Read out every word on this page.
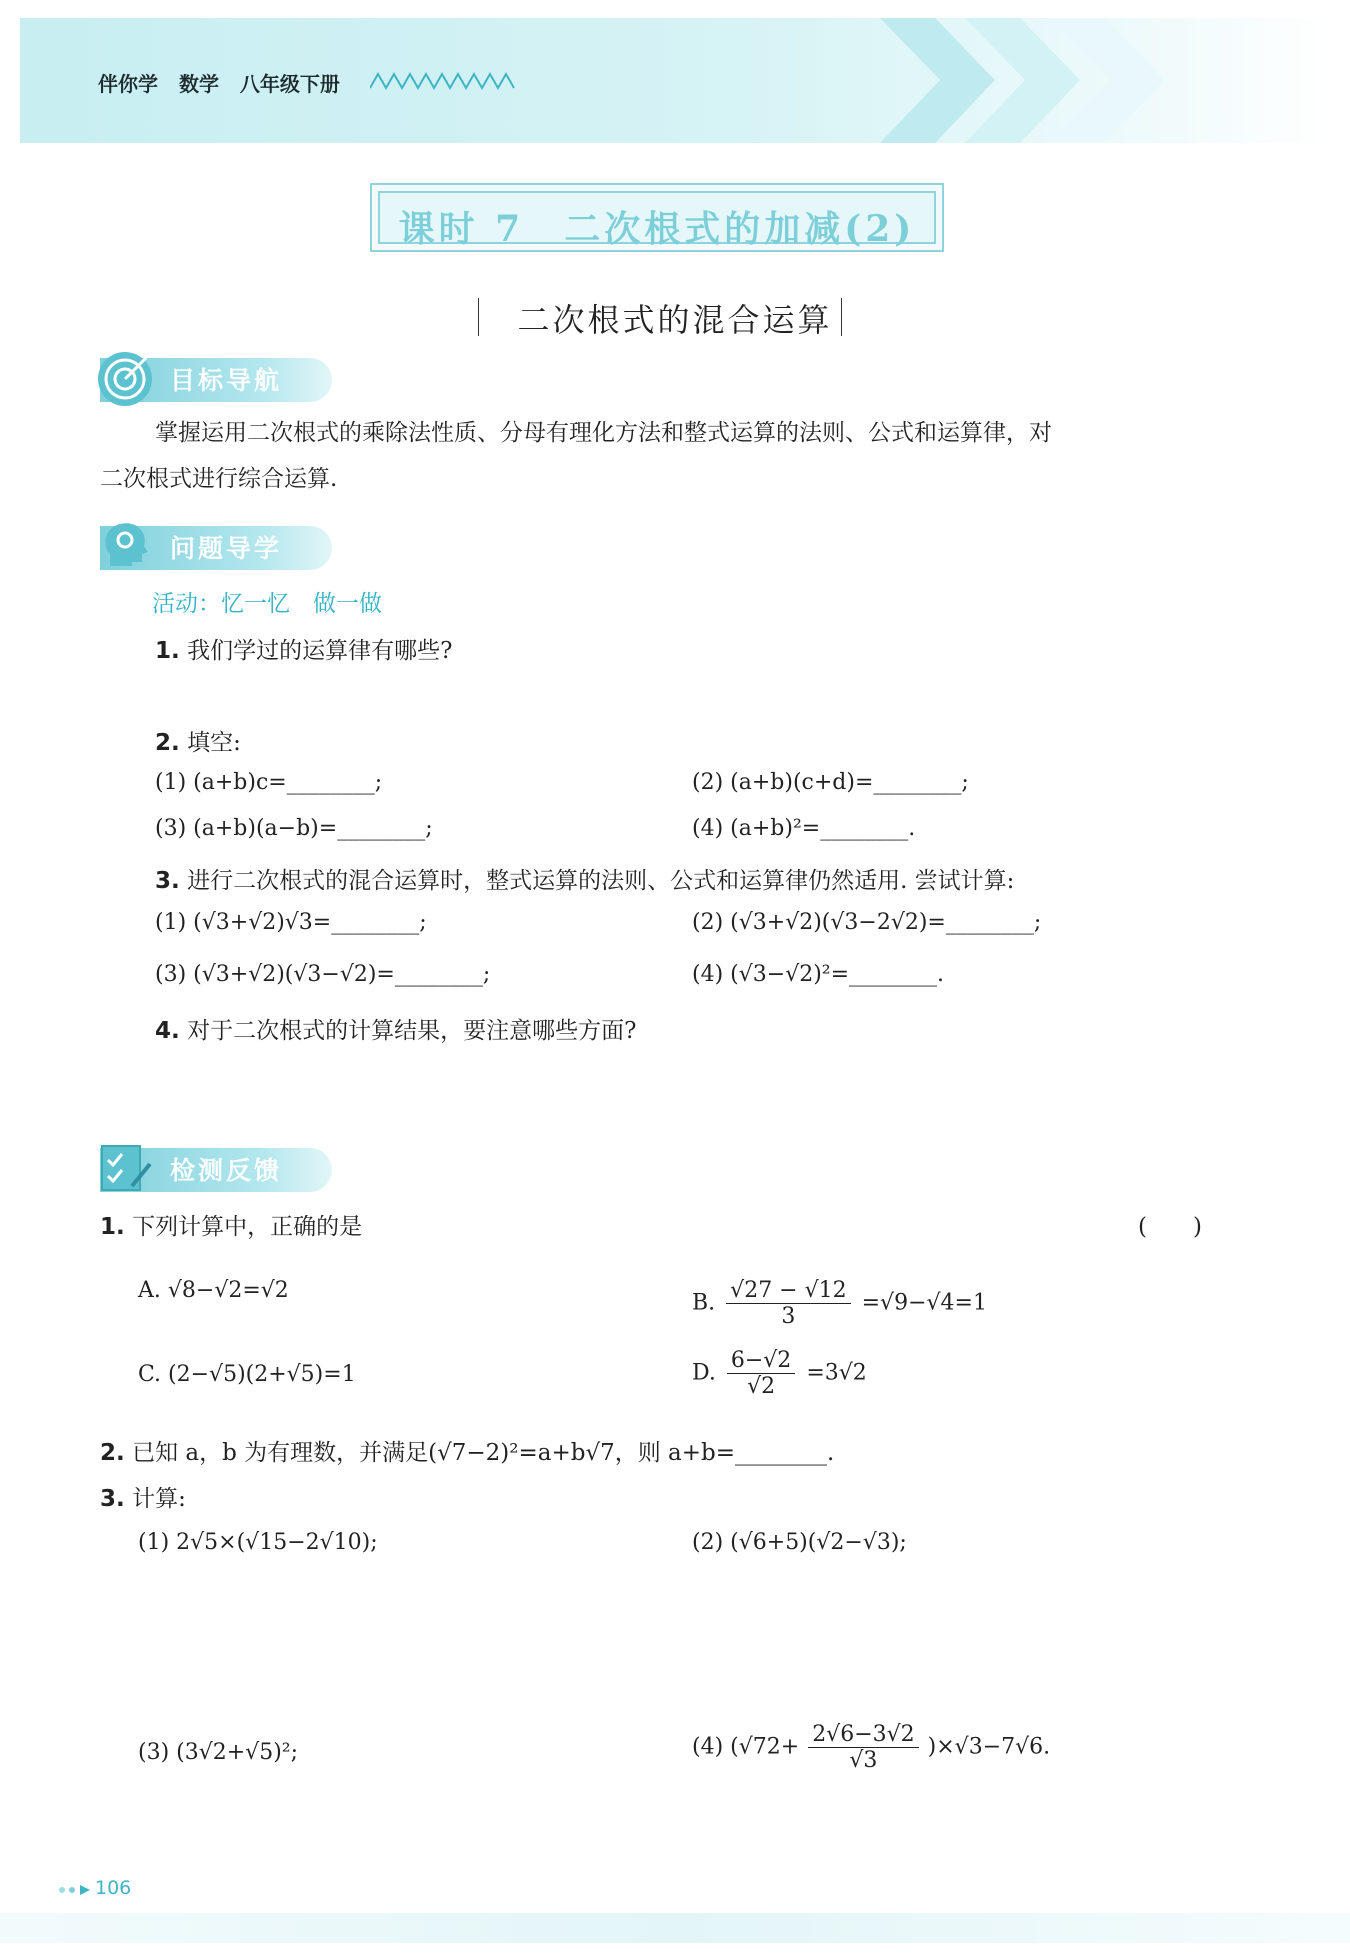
伴你学 数学 八年级下册
课时 7　二次根式的加减(2)
二次根式的混合运算
目标导航
掌握运用二次根式的乘除法性质、分母有理化方法和整式运算的法则、公式和运算律，对

二次根式进行综合运算.
问题导学
活动：忆一忆　做一做
1. 我们学过的运算律有哪些?
2. 填空:
(1) (a+b)c=________;	(2) (a+b)(c+d)=________;
(3) (a+b)(a−b)=________;	(4) (a+b)²=________.
3. 进行二次根式的混合运算时，整式运算的法则、公式和运算律仍然适用. 尝试计算:
(1) (√3+√2)√3=________;	(2) (√3+√2)(√3−2√2)=________;
(3) (√3+√2)(√3−√2)=________;	(4) (√3−√2)²=________.
4. 对于二次根式的计算结果，要注意哪些方面?
检测反馈
1. 下列计算中，正确的是	(　　)
A. √8−√2=√2	B. $\frac{√27 - √12}{3} =√9-√4=1$
C. (2−√5)(2+√5)=1	D. $\frac{6-√2}{√2} =3√2$
2. 已知 a，b 为有理数，并满足(√7−2)²=a+b√7，则 a+b=________.
3. 计算:
(1) 2√5×(√15−2√10);	(2) (√6+5)(√2−√3);
(3) (3√2+√5)²;	(4) $(√72+ \frac{2√6-3√2}{√3} )\times√3-7√6$.
106
